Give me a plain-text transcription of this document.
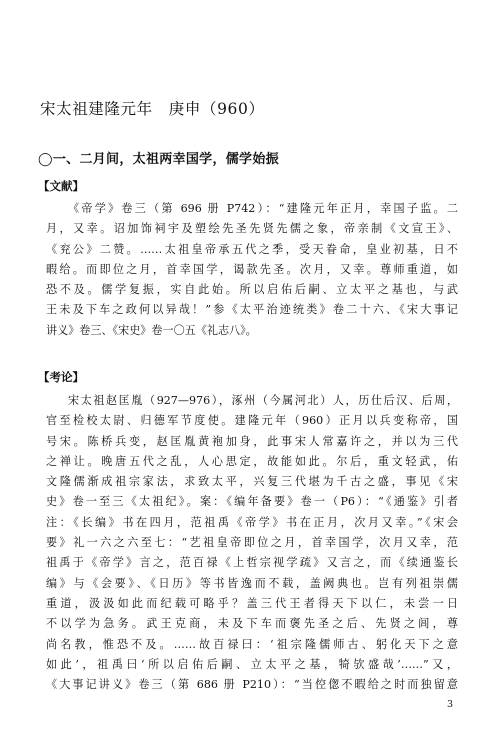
宋太祖建隆元年　庚申（960）
◯一、二月间，太祖两幸国学，儒学始振
【文献】
《帝学》卷三（第 696 册 P742）：“建隆元年正月，幸国子监。二
月，又幸。诏加饰祠宇及塑绘先圣先贤先儒之象，帝亲制《文宣王》、
《兖公》二赞。……太祖皇帝承五代之季，受天眷命，皇业初基，日不
暇给。而即位之月，首幸国学，谒款先圣。次月，又幸。尊师重道，如
恐不及。儒学复振，实自此始。所以启佑后嗣、立太平之基也，与武
王未及下车之政何以异哉！”参《太平治迹统类》卷二十六、《宋大事记
讲义》卷三、《宋史》卷一〇五《礼志八》。
【考论】
宋太祖赵匡胤（927—976），涿州（今属河北）人，历仕后汉、后周，
官至检校太尉、归德军节度使。建隆元年（960）正月以兵变称帝，国
号宋。陈桥兵变，赵匡胤黄袍加身，此事宋人常嘉许之，并以为三代
之禅让。晚唐五代之乱，人心思定，故能如此。尔后，重文轻武，佑
文隆儒渐成祖宗家法，求致太平，兴复三代堪为千古之盛，事见《宋
史》卷一至三《太祖纪》。案：《编年备要》卷一（P6）：“《通鉴》引者
注：《长编》书在四月，范祖禹《帝学》书在正月，次月又幸。”《宋会
要》礼一六之六至七：“艺祖皇帝即位之月，首幸国学，次月又幸，范
祖禹于《帝学》言之，范百禄《上哲宗视学疏》又言之，而《续通鉴长
编》与《会要》、《日历》等书皆逸而不载，盖阙典也。岂有列祖崇儒
重道，汲汲如此而纪载可略乎？盖三代王者得天下以仁，未尝一日
不以学为急务。武王克商，未及下车而褒先圣之后、先贤之闾，尊
尚名教，惟恐不及。……故百禄曰：‘祖宗隆儒师古、躬化天下之意
如此’，祖禹曰‘所以启佑后嗣、立太平之基，犄欤盛哉’……”又，
《大事记讲义》卷三（第 686 册 P210）：“当倥偬不暇给之时而独留意
3
